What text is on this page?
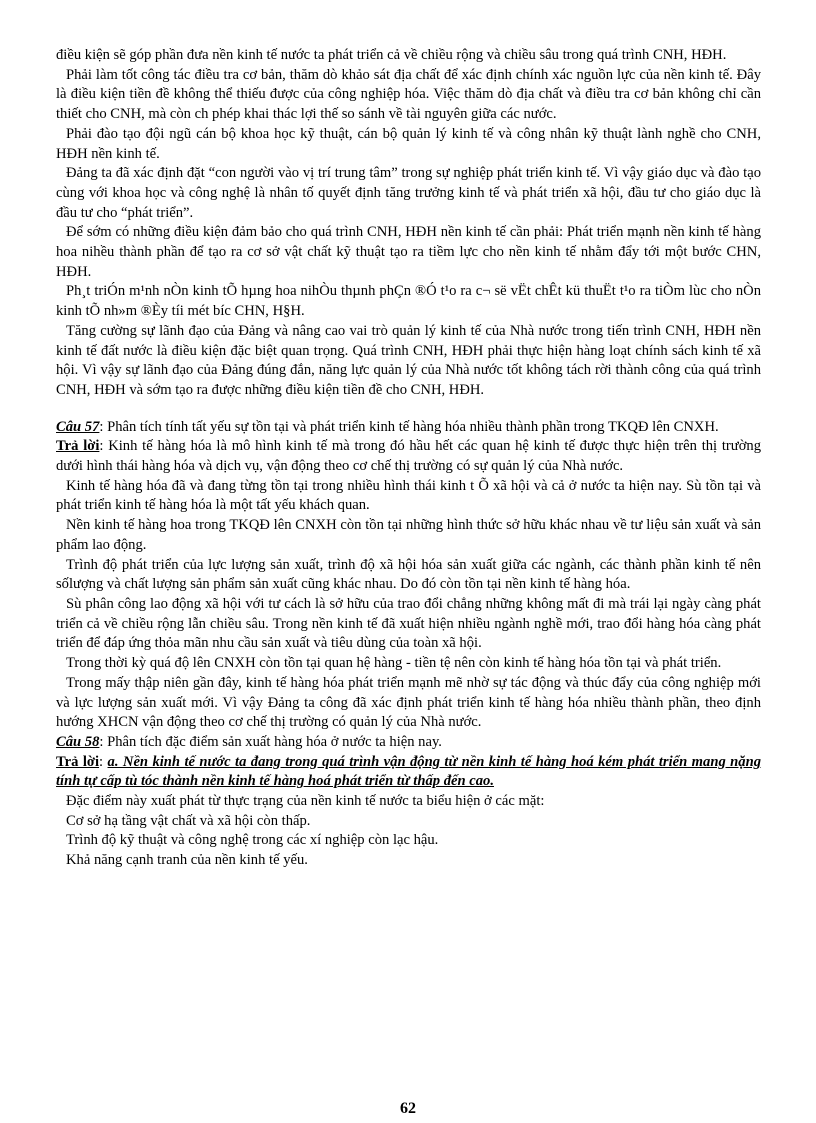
điều kiện sẽ góp phần đưa nền kinh tế nước ta phát triển cả về chiều rộng và chiều sâu trong quá trình CNH, HĐH.

Phải làm tốt công tác điều tra cơ bản, thăm dò khảo sát địa chất để xác định chính xác nguồn lực của nền kinh tế. Đây là điều kiện tiền đề không thể thiếu được của công nghiệp hóa. Việc thăm dò địa chất và điều tra cơ bản không chỉ cần thiết cho CNH, mà còn ch phép khai thác lợi thế so sánh về tài nguyên giữa các nước.

Phải đào tạo đội ngũ cán bộ khoa học kỹ thuật, cán bộ quản lý kinh tế và công nhân kỹ thuật lành nghề cho CNH, HĐH nền kinh tế.

Đảng ta đã xác định đặt “con người vào vị trí trung tâm” trong sự nghiệp phát triển kinh tế. Vì vậy giáo dục và đào tạo cùng với khoa học và công nghệ là nhân tố quyết định tăng trưởng kinh tế và phát triển xã hội, đầu tư cho giáo dục là đầu tư cho “phát triển”.

Để sớm có những điều kiện đảm bảo cho quá trình CNH, HĐH nền kinh tế cần phải: Phát triển mạnh nền kinh tế hàng hoa nihều thành phần để tạo ra cơ sở vật chất kỹ thuật tạo ra tiềm lực cho nền kinh tế nhằm đẩy tới một bước CHN, HĐH.

Ph¸t triÓn m¹nh nÒn kinh tÕ hµng hoa nihÒu thµnh phÇn ®Ó t¹o ra c¬ së vËt chÊt kü thuËt t¹o ra tiÒm lùc cho nÒn kinh tÕ nh»m ®Èy tíi mét bíc CHN, H§H.

Tăng cường sự lãnh đạo của Đảng và nâng cao vai trò quản lý kinh tế của Nhà nước trong tiến trình CNH, HĐH nền kinh tế đất nước là điều kiện đặc biệt quan trọng. Quá trình CNH, HĐH phải thực hiện hàng loạt chính sách kinh tế xã hội. Vì vậy sự lãnh đạo của Đảng đúng đắn, năng lực quản lý của Nhà nước tốt không tách rời thành công của quá trình CNH, HĐH và sớm tạo ra được những điều kiện tiền đề cho CNH, HĐH.

Câu 57: Phân tích tính tất yếu sự tồn tại và phát triển kinh tế hàng hóa nhiều thành phần trong TKQĐ lên CNXH.

Trả lời: Kinh tế hàng hóa là mô hình kinh tế mà trong đó hầu hết các quan hệ kinh tế được thực hiện trên thị trường dưới hình thái hàng hóa và dịch vụ, vận động theo cơ chế thị trường có sự quản lý của Nhà nước.

Kinh tế hàng hóa đã và đang từng tồn tại trong nhiều hình thái kinh t Õ xã hội và cả ở nước ta hiện nay. Sù tồn tại và phát triển kinh tế hàng hóa là một tất yếu khách quan.

Nền kinh tế hàng hoa trong TKQĐ lên CNXH còn tồn tại những hình thức sở hữu khác nhau về tư liệu sản xuất và sản phẩm lao động.

Trình độ phát triển của lực lượng sản xuất, trình độ xã hội hóa sản xuất giữa các ngành, các thành phần kinh tế nên sốlượng và chất lượng sản phẩm sản xuất cũng khác nhau. Do đó còn tồn tại nền kinh tế hàng hóa.

Sù phân công lao động xã hội với tư cách là sở hữu của trao đổi chẳng những không mất đi mà trái lại ngày càng phát triển cả về chiều rộng lẫn chiều sâu. Trong nền kinh tế đã xuất hiện nhiều ngành nghề mới, trao đổi hàng hóa càng phát triển để đáp ứng thỏa mãn nhu cầu sản xuất và tiêu dùng của toàn xã hội.

Trong thời kỳ quá độ lên CNXH còn tồn tại quan hệ hàng - tiền tệ nên còn kinh tế hàng hóa tồn tại và phát triển.

Trong mấy thập niên gần đây, kinh tế hàng hóa phát triển mạnh mẽ nhờ sự tác động và thúc đẩy của công nghiệp mới và lực lượng sản xuất mới. Vì vậy Đảng ta công đã xác định phát triển kinh tế hàng hóa nhiều thành phần, theo định hướng XHCN vận động theo cơ chế thị trường có quản lý của Nhà nước.

Câu 58: Phân tích đặc điểm sản xuất hàng hóa ở nước ta hiện nay.

Trả lời: a. Nền kinh tế nước ta đang trong quá trình vận động từ nền kinh tế hàng hoá kém phát triển mang nặng tính tự cấp tù tóc thành nền kinh tế hàng hoá phát triển từ thấp đến cao.

Đặc điểm này xuất phát từ thực trạng của nền kinh tế nước ta biểu hiện ở các mặt:

Cơ sở hạ tầng vật chất và xã hội còn thấp.

Trình độ kỹ thuật và công nghệ trong các xí nghiệp còn lạc hậu.

Khả năng cạnh tranh của nền kinh tế yếu.

62
